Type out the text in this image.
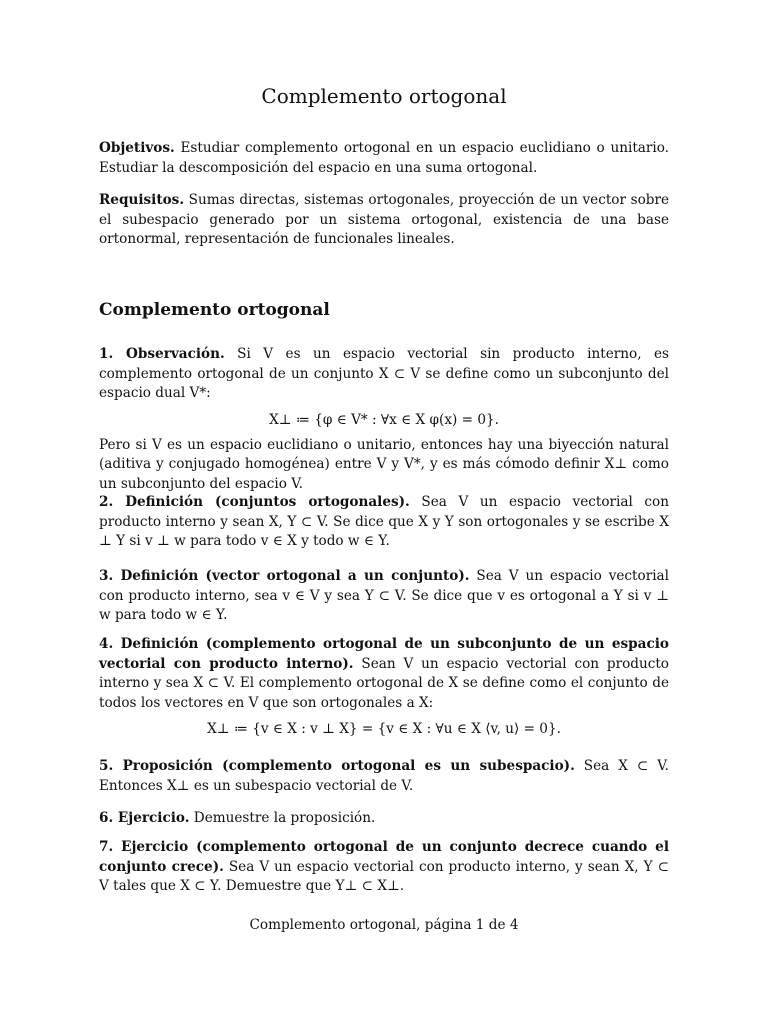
Complemento ortogonal

Objetivos. Estudiar complemento ortogonal en un espacio euclidiano o unitario. Estudiar la descomposición del espacio en una suma ortogonal.

Requisitos. Sumas directas, sistemas ortogonales, proyección de un vector sobre el subespacio generado por un sistema ortogonal, existencia de una base ortonormal, representación de funcionales lineales.

Complemento ortogonal

1. Observación. Si V es un espacio vectorial sin producto interno, es complemento ortogonal de un conjunto X ⊂ V se define como un subconjunto del espacio dual V*:

X⊥ ≔ {φ ∈ V* : ∀x ∈ X φ(x) = 0}.

Pero si V es un espacio euclidiano o unitario, entonces hay una biyección natural (aditiva y conjugado homogénea) entre V y V*, y es más cómodo definir X⊥ como un subconjunto del espacio V.

2. Definición (conjuntos ortogonales). Sea V un espacio vectorial con producto interno y sean X, Y ⊂ V. Se dice que X y Y son ortogonales y se escribe X ⊥ Y si v ⊥ w para todo v ∈ X y todo w ∈ Y.

3. Definición (vector ortogonal a un conjunto). Sea V un espacio vectorial con producto interno, sea v ∈ V y sea Y ⊂ V. Se dice que v es ortogonal a Y si v ⊥ w para todo w ∈ Y.

4. Definición (complemento ortogonal de un subconjunto de un espacio vectorial con producto interno). Sean V un espacio vectorial con producto interno y sea X ⊂ V. El complemento ortogonal de X se define como el conjunto de todos los vectores en V que son ortogonales a X:

X⊥ ≔ {v ∈ X : v ⊥ X} = {v ∈ X : ∀u ∈ X ⟨v, u⟩ = 0}.

5. Proposición (complemento ortogonal es un subespacio). Sea X ⊂ V. Entonces X⊥ es un subespacio vectorial de V.

6. Ejercicio. Demuestre la proposición.

7. Ejercicio (complemento ortogonal de un conjunto decrece cuando el conjunto crece). Sea V un espacio vectorial con producto interno, y sean X, Y ⊂ V tales que X ⊂ Y. Demuestre que Y⊥ ⊂ X⊥.

Complemento ortogonal, página 1 de 4
